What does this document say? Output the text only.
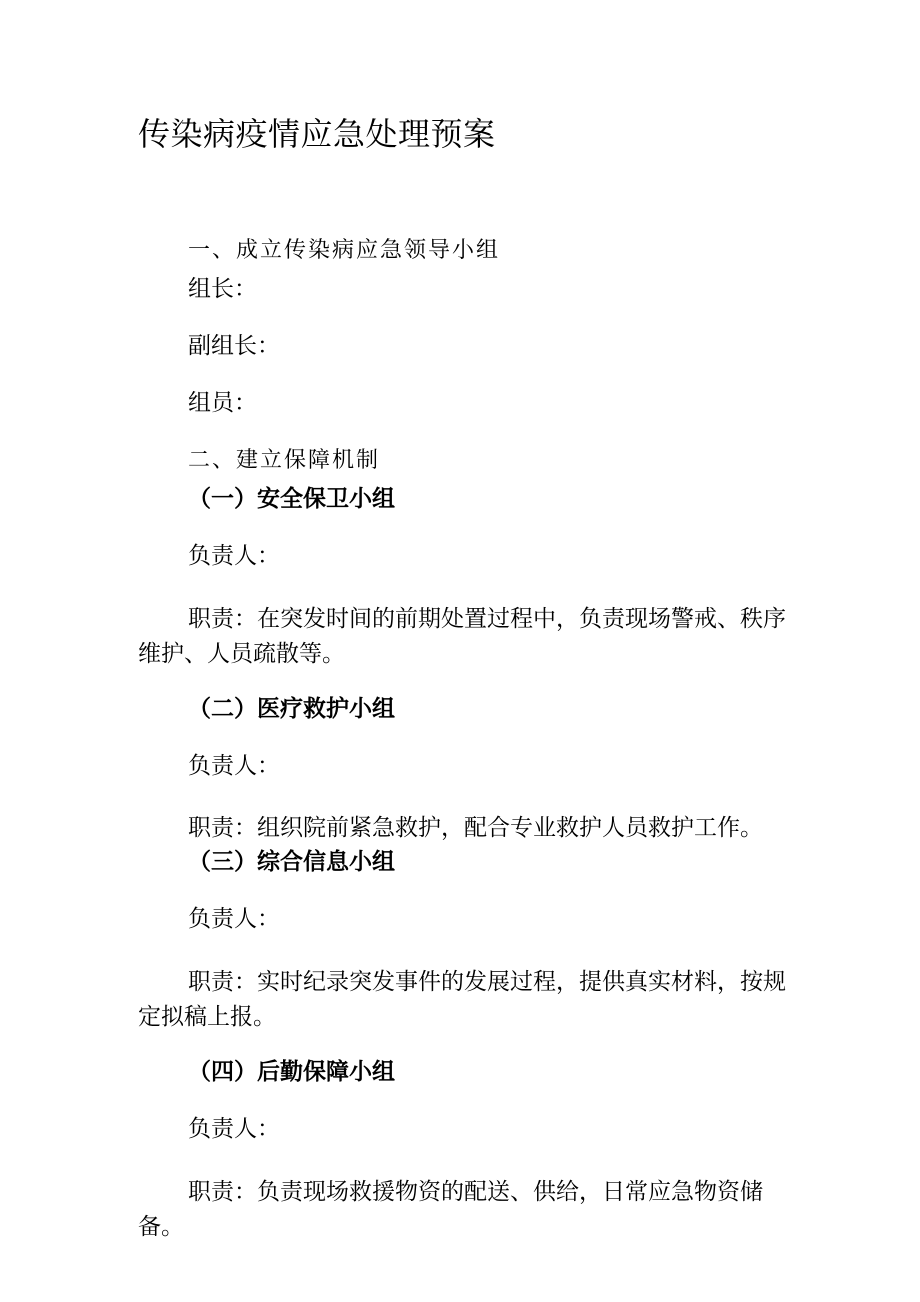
传染病疫情应急处理预案
一、成立传染病应急领导小组
组长：
副组长：
组员：
二、建立保障机制
（一）安全保卫小组
负责人：
职责：在突发时间的前期处置过程中，负责现场警戒、秩序维护、人员疏散等。
（二）医疗救护小组
负责人：
职责：组织院前紧急救护，配合专业救护人员救护工作。
（三）综合信息小组
负责人：
职责：实时纪录突发事件的发展过程，提供真实材料，按规定拟稿上报。
（四）后勤保障小组
负责人：
职责：负责现场救援物资的配送、供给，日常应急物资储备。
